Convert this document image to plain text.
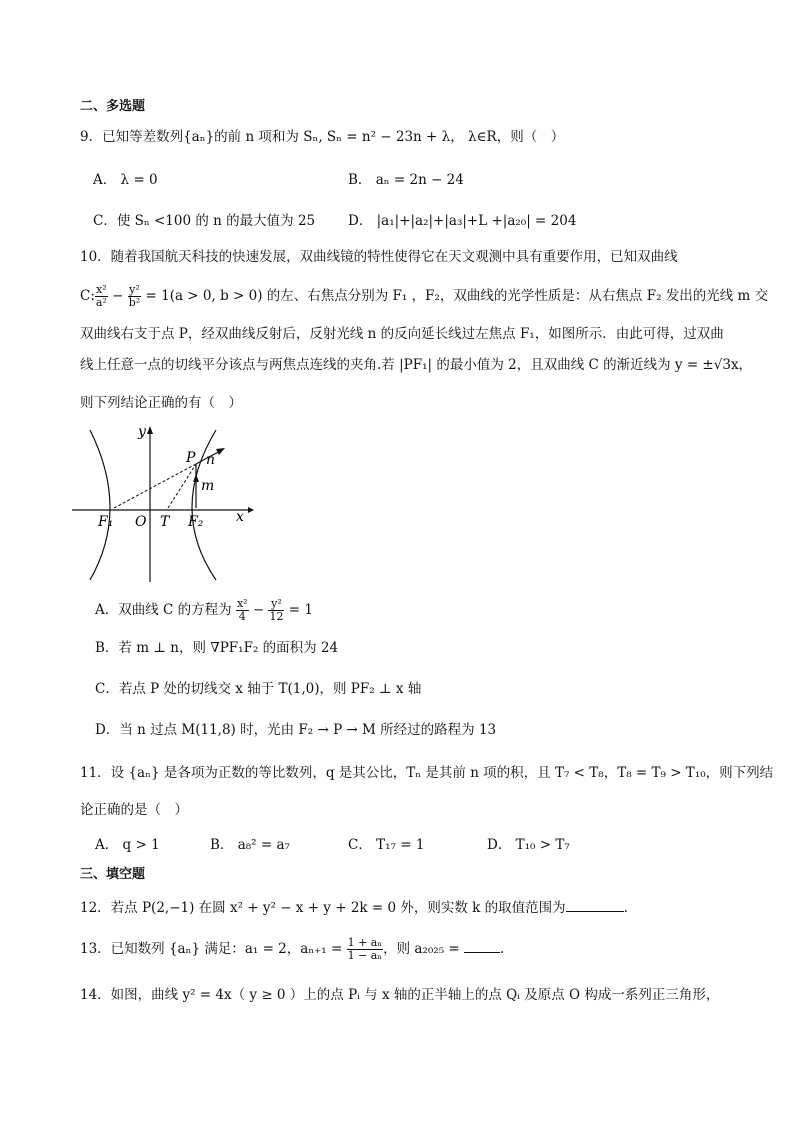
二、多选题
9．已知等差数列{aₙ}的前 n 项和为 Sₙ, Sₙ = n² − 23n + λ， λ∈R，则（　）
A． λ = 0	B． aₙ = 2n − 24
C．使 Sₙ <100 的 n 的最大值为 25 D． |a₁|+|a₂|+|a₃|+L +|a₂₀| = 204
10．随着我国航天科技的快速发展，双曲线镜的特性使得它在天文观测中具有重要作用，已知双曲线
C: $\frac{\text{x²}}{\text{a²}} - \frac{\text{y²}}{\text{b²}} = 1(a > 0$, b > 0) 的左、右焦点分别为 F₁ ，F₂，双曲线的光学性质是：从右焦点 F₂ 发出的光线 m 交
双曲线右支于点 P，经双曲线反射后，反射光线 n 的反向延长线过左焦点 F₁，如图所示．由此可得，过双曲
线上任意一点的切线平分该点与两焦点连线的夹角.若 |PF₁| 的最小值为 2，且双曲线 C 的渐近线为 y = ±√3x，
则下列结论正确的有（　）
y
x
P n
m
F₁ O T F₂
A．双曲线 C 的方程为 $\frac{\text{x²}}{4} - \frac{\text{y²}}{12} = 1$
B．若 m ⊥ n，则 ∇PF₁F₂ 的面积为 24
C．若点 P 处的切线交 x 轴于 T(1,0)，则 PF₂ ⊥ x 轴
D．当 n 过点 M(11,8) 时，光由 F₂ → P → M 所经过的路程为 13
11．设 {aₙ} 是各项为正数的等比数列，q 是其公比，Tₙ 是其前 n 项的积，且 T₇ < T₈，T₈ = T₉ > T₁₀，则下列结
论正确的是（　）
A． q > 1	B． a₈² = a₇	C． T₁₇ = 1	D． T₁₀ > T₇
三、填空题
12．若点 P(2,−1) 在圆 x² + y² − x + y + 2k = 0 外，则实数 k 的取值范围为	.
13．已知数列 {aₙ} 满足：a₁ = 2，$a_{n+1} = \frac{\text{1 + aₙ}}{\text{1 − aₙ}}$ ，则 a₂₀₂₅ =	.
14．如图，曲线 y² = 4x（ y ≥ 0 ）上的点 Pᵢ 与 x 轴的正半轴上的点 Qᵢ 及原点 O 构成一系列正三角形，
